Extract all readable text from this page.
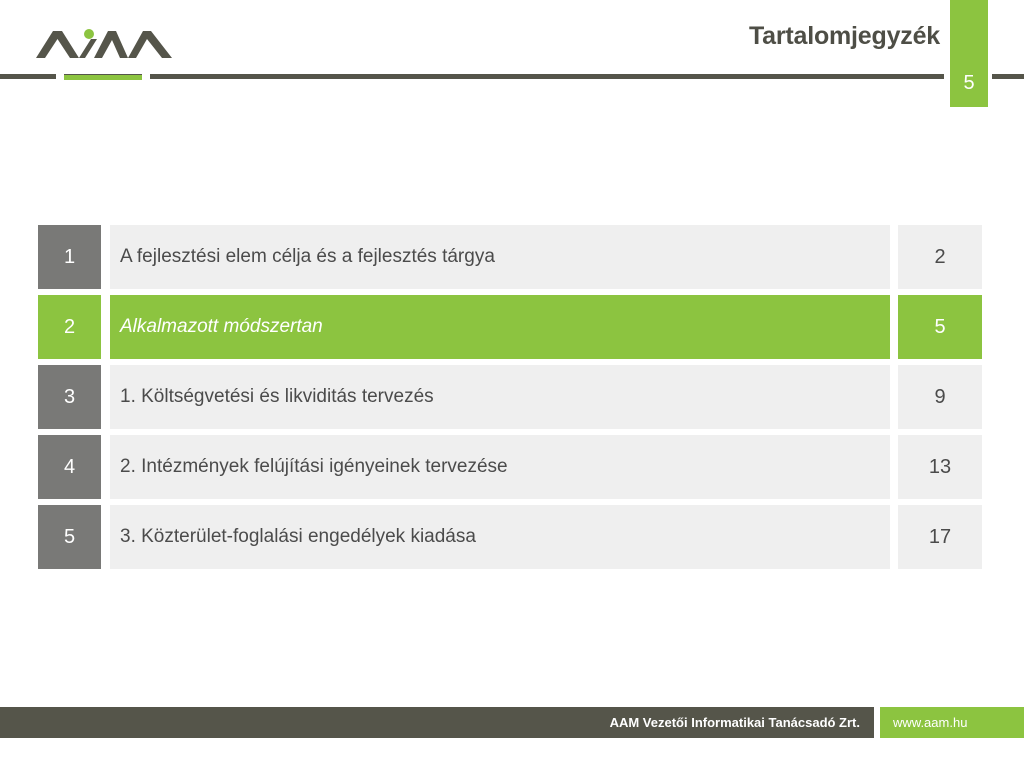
Tartalomjegyzék
5
1	A fejlesztési elem célja és a fejlesztés tárgya	2
2	Alkalmazott módszertan	5
3	1. Költségvetési és likviditás tervezés	9
4	2. Intézmények felújítási igényeinek tervezése	13
5	3. Közterület-foglalási engedélyek kiadása	17
AAM Vezetői Informatikai Tanácsadó Zrt.	www.aam.hu
